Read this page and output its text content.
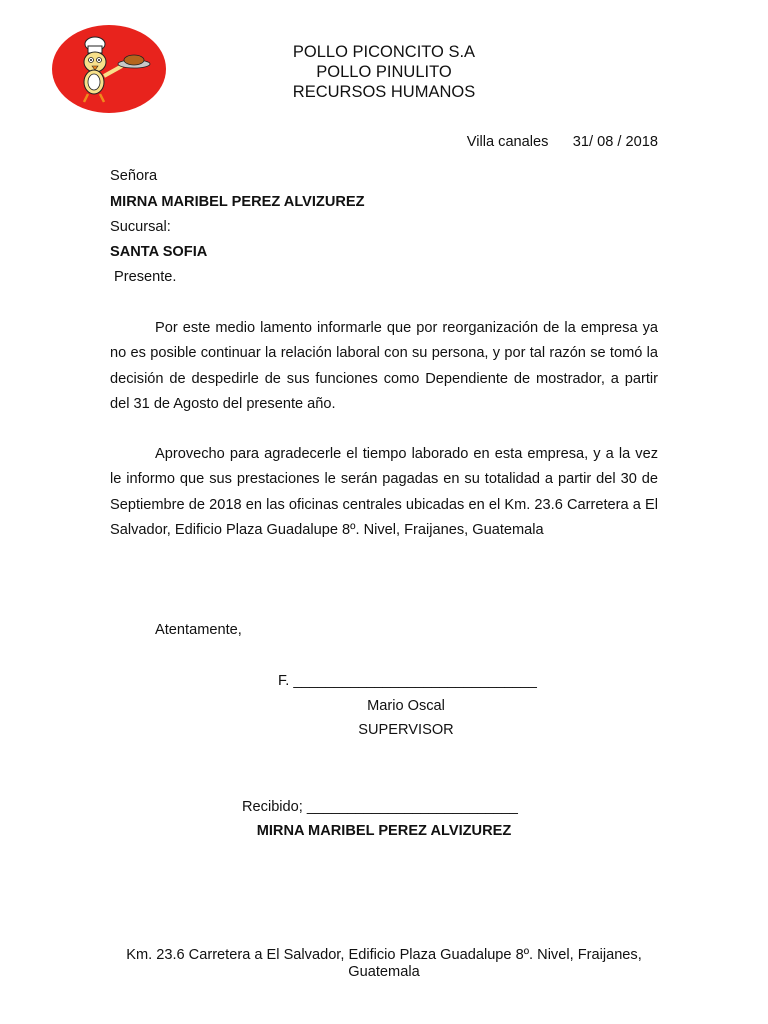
POLLO PICONCITO S.A
POLLO PINULITO
RECURSOS HUMANOS
Villa canales 31/ 08 / 2018
Señora
MIRNA MARIBEL PEREZ ALVIZUREZ
Sucursal:
SANTA SOFIA
Presente.
Por este medio lamento informarle que por reorganización de la empresa ya no es posible continuar la relación laboral con su persona, y por tal razón se tomó la decisión de despedirle de sus funciones como Dependiente de mostrador, a partir del 31 de Agosto del presente año.
Aprovecho para agradecerle el tiempo laborado en esta empresa, y a la vez le informo que sus prestaciones le serán pagadas en su totalidad a partir del 30 de Septiembre de 2018 en las oficinas centrales ubicadas en el Km. 23.6 Carretera a El Salvador, Edificio Plaza Guadalupe 8º. Nivel, Fraijanes, Guatemala
Atentamente,
F. ______________________________
Mario Oscal
SUPERVISOR
Recibido; __________________________
MIRNA MARIBEL PEREZ ALVIZUREZ
Km. 23.6 Carretera a El Salvador, Edificio Plaza Guadalupe 8º. Nivel, Fraijanes, Guatemala
